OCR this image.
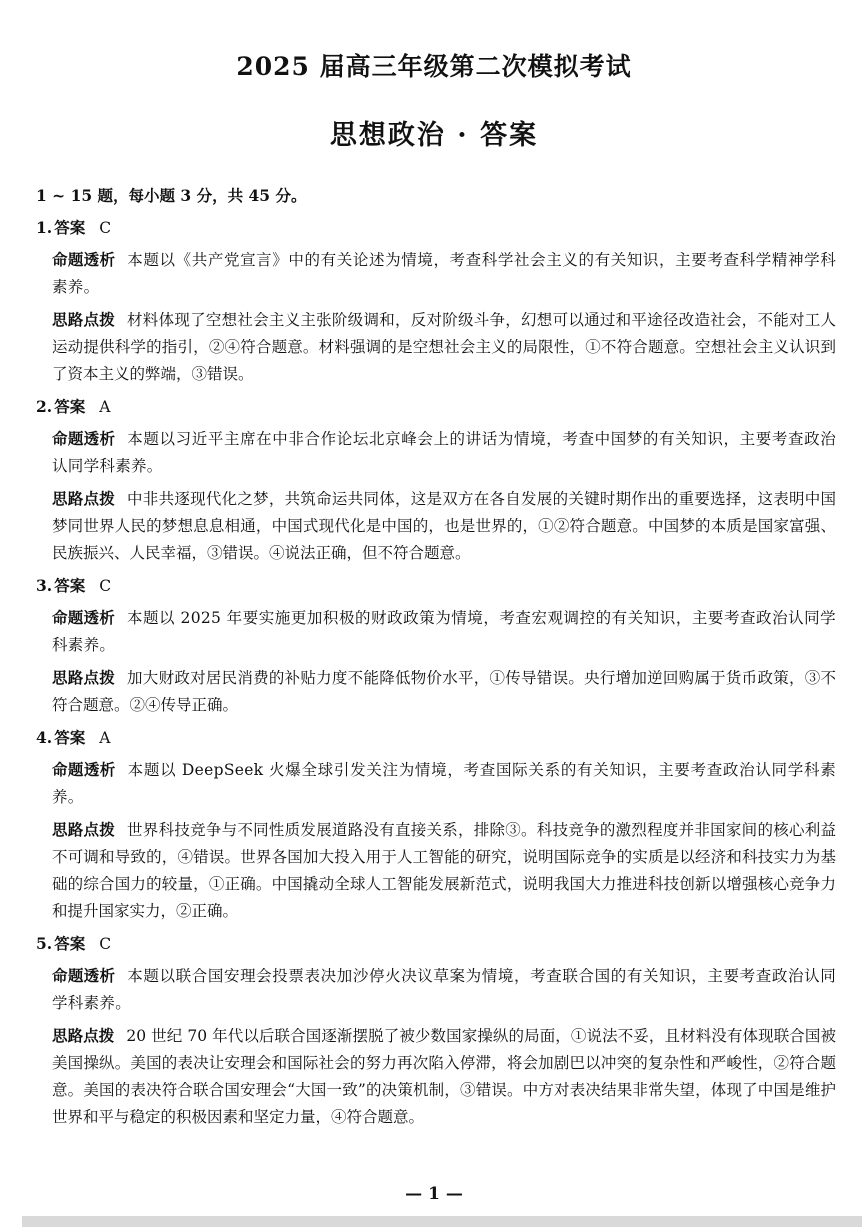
2025 届高三年级第二次模拟考试
思想政治 · 答案

1 ~ 15 题，每小题 3 分，共 45 分。

1. 答案 C

命题透析 本题以《共产党宣言》中的有关论述为情境，考查科学社会主义的有关知识，主要考查科学精神学科素养。

思路点拨 材料体现了空想社会主义主张阶级调和，反对阶级斗争，幻想可以通过和平途径改造社会，不能对工人运动提供科学的指引，②④符合题意。材料强调的是空想社会主义的局限性，①不符合题意。空想社会主义认识到了资本主义的弊端，③错误。

2. 答案 A

命题透析 本题以习近平主席在中非合作论坛北京峰会上的讲话为情境，考查中国梦的有关知识，主要考查政治认同学科素养。

思路点拨 中非共逐现代化之梦，共筑命运共同体，这是双方在各自发展的关键时期作出的重要选择，这表明中国梦同世界人民的梦想息息相通，中国式现代化是中国的，也是世界的，①②符合题意。中国梦的本质是国家富强、民族振兴、人民幸福，③错误。④说法正确，但不符合题意。

3. 答案 C

命题透析 本题以 2025 年要实施更加积极的财政政策为情境，考查宏观调控的有关知识，主要考查政治认同学科素养。

思路点拨 加大财政对居民消费的补贴力度不能降低物价水平，①传导错误。央行增加逆回购属于货币政策，③不符合题意。②④传导正确。

4. 答案 A

命题透析 本题以 DeepSeek 火爆全球引发关注为情境，考查国际关系的有关知识，主要考查政治认同学科素养。

思路点拨 世界科技竞争与不同性质发展道路没有直接关系，排除③。科技竞争的激烈程度并非国家间的核心利益不可调和导致的，④错误。世界各国加大投入用于人工智能的研究，说明国际竞争的实质是以经济和科技实力为基础的综合国力的较量，①正确。中国撬动全球人工智能发展新范式，说明我国大力推进科技创新以增强核心竞争力和提升国家实力，②正确。

5. 答案 C

命题透析 本题以联合国安理会投票表决加沙停火决议草案为情境，考查联合国的有关知识，主要考查政治认同学科素养。

思路点拨 20 世纪 70 年代以后联合国逐渐摆脱了被少数国家操纵的局面，①说法不妥，且材料没有体现联合国被美国操纵。美国的表决让安理会和国际社会的努力再次陷入停滞，将会加剧巴以冲突的复杂性和严峻性，②符合题意。美国的表决符合联合国安理会“大国一致”的决策机制，③错误。中方对表决结果非常失望，体现了中国是维护世界和平与稳定的积极因素和坚定力量，④符合题意。

— 1 —
